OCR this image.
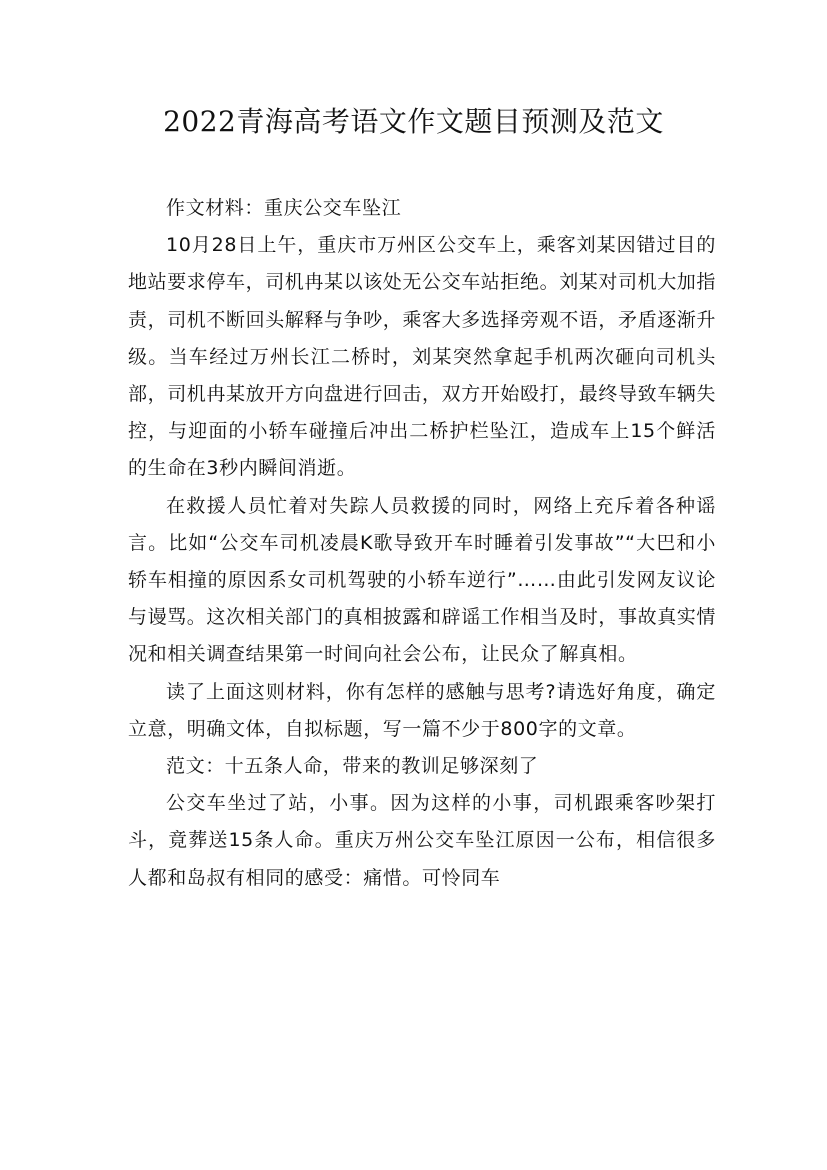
2022青海高考语文作文题目预测及范文

作文材料：重庆公交车坠江

10月28日上午，重庆市万州区公交车上，乘客刘某因错过目的地站要求停车，司机冉某以该处无公交车站拒绝。刘某对司机大加指责，司机不断回头解释与争吵，乘客大多选择旁观不语，矛盾逐渐升级。当车经过万州长江二桥时，刘某突然拿起手机两次砸向司机头部，司机冉某放开方向盘进行回击，双方开始殴打，最终导致车辆失控，与迎面的小轿车碰撞后冲出二桥护栏坠江，造成车上15个鲜活的生命在3秒内瞬间消逝。

在救援人员忙着对失踪人员救援的同时，网络上充斥着各种谣言。比如“公交车司机凌晨K歌导致开车时睡着引发事故”“大巴和小轿车相撞的原因系女司机驾驶的小轿车逆行”……由此引发网友议论与谩骂。这次相关部门的真相披露和辟谣工作相当及时，事故真实情况和相关调查结果第一时间向社会公布，让民众了解真相。

读了上面这则材料，你有怎样的感触与思考?请选好角度，确定立意，明确文体，自拟标题，写一篇不少于800字的文章。

范文：十五条人命，带来的教训足够深刻了

公交车坐过了站，小事。因为这样的小事，司机跟乘客吵架打斗，竟葬送15条人命。重庆万州公交车坠江原因一公布，相信很多人都和岛叔有相同的感受：痛惜。可怜同车
